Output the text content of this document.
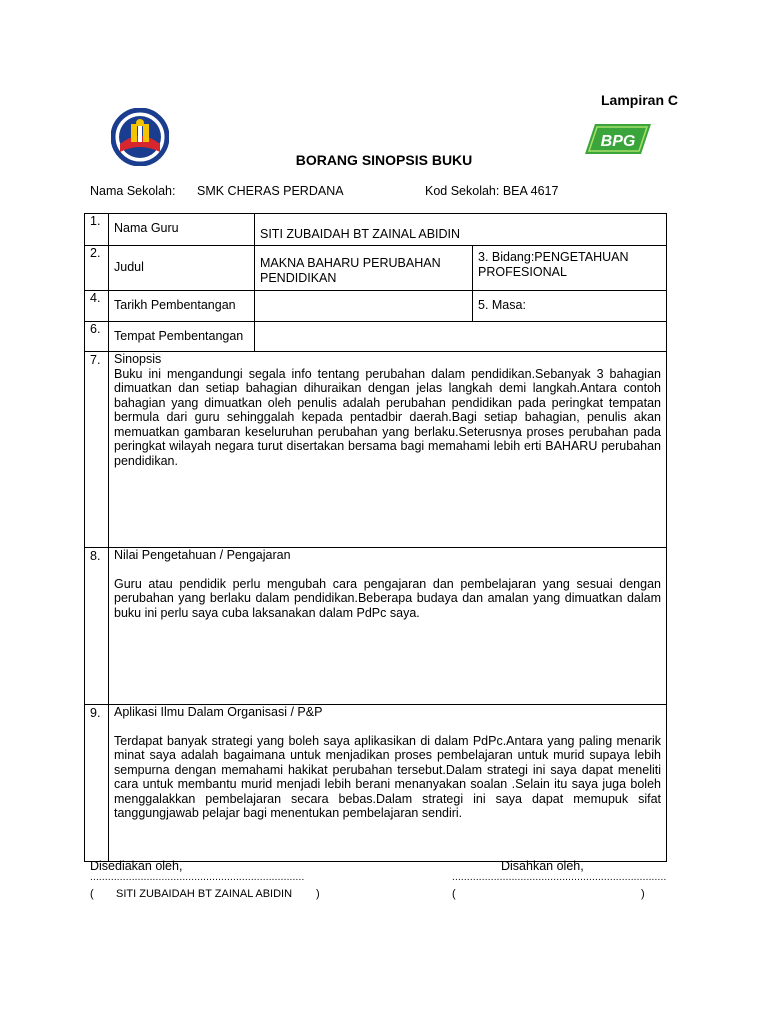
Lampiran C
BPG
BORANG SINOPSIS BUKU
Nama Sekolah: SMK CHERAS PERDANA	Kod Sekolah: BEA 4617
1.	Nama Guru	SITI ZUBAIDAH BT ZAINAL ABIDIN	

2.	Judul	MAKNA BAHARU PERUBAHAN PENDIDIKAN	3. Bidang:PENGETAHUAN PROFESIONAL

4.	Tarikh Pembentangan		5. Masa:

6.	Tempat Pembentangan		

7.	Sinopsis
Buku ini mengandungi segala info tentang perubahan dalam pendidikan.Sebanyak 3 bahagian dimuatkan dan setiap bahagian dihuraikan dengan jelas langkah demi langkah.Antara contoh bahagian yang dimuatkan oleh penulis adalah perubahan pendidikan pada peringkat tempatan bermula dari guru sehinggalah kepada pentadbir daerah.Bagi setiap bahagian, penulis akan memuatkan gambaran keseluruhan perubahan yang berlaku.Seterusnya proses perubahan pada peringkat wilayah negara turut disertakan bersama bagi memahami lebih erti BAHARU perubahan pendidikan.		

8.	Nilai Pengetahuan / Pengajaran
Guru atau pendidik perlu mengubah cara pengajaran dan pembelajaran yang sesuai dengan perubahan yang berlaku dalam pendidikan.Beberapa budaya dan amalan yang dimuatkan dalam buku ini perlu saya cuba laksanakan dalam PdPc saya.		

9.	Aplikasi Ilmu Dalam Organisasi / P&P
Terdapat banyak strategi yang boleh saya aplikasikan di dalam PdPc.Antara yang paling menarik minat saya adalah bagaimana untuk menjadikan proses pembelajaran untuk murid supaya lebih sempurna dengan memahami hakikat perubahan tersebut.Dalam strategi ini saya dapat meneliti cara untuk membantu murid menjadi lebih berani menanyakan soalan .Selain itu saya juga boleh menggalakkan pembelajaran secara bebas.Dalam strategi ini saya dapat memupuk sifat tanggungjawab pelajar bagi menentukan pembelajaran sendiri.		
Disediakan oleh,	Disahkan oleh,
........................................................................	........................................................................
( SITI ZUBAIDAH BT ZAINAL ABIDIN )	(	)
